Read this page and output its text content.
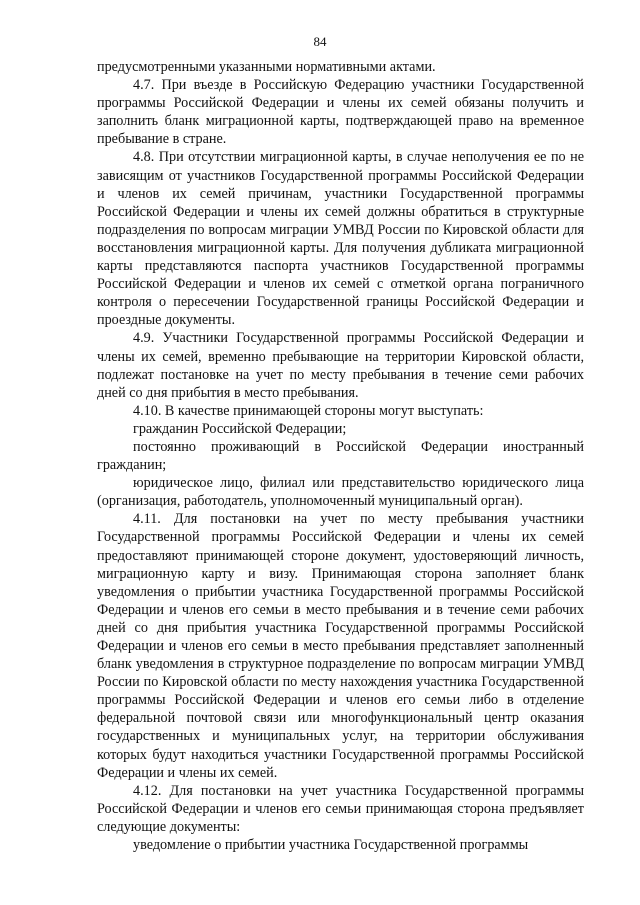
84

предусмотренными указанными нормативными актами.

4.7. При въезде в Российскую Федерацию участники Государственной программы Российской Федерации и члены их семей обязаны получить и заполнить бланк миграционной карты, подтверждающей право на временное пребывание в стране.

4.8. При отсутствии миграционной карты, в случае неполучения ее по не зависящим от участников Государственной программы Российской Федерации и членов их семей причинам, участники Государственной программы Российской Федерации и члены их семей должны обратиться в структурные подразделения по вопросам миграции УМВД России по Кировской области для восстановления миграционной карты. Для получения дубликата миграционной карты представляются паспорта участников Государственной программы Российской Федерации и членов их семей с отметкой органа пограничного контроля о пересечении Государственной границы Российской Федерации и проездные документы.

4.9. Участники Государственной программы Российской Федерации и члены их семей, временно пребывающие на территории Кировской области, подлежат постановке на учет по месту пребывания в течение семи рабочих дней со дня прибытия в место пребывания.

4.10. В качестве принимающей стороны могут выступать:

гражданин Российской Федерации;

постоянно проживающий в Российской Федерации иностранный гражданин;

юридическое лицо, филиал или представительство юридического лица (организация, работодатель, уполномоченный муниципальный орган).

4.11. Для постановки на учет по месту пребывания участники Государственной программы Российской Федерации и члены их семей предоставляют принимающей стороне документ, удостоверяющий личность, миграционную карту и визу. Принимающая сторона заполняет бланк уведомления о прибытии участника Государственной программы Российской Федерации и членов его семьи в место пребывания и в течение семи рабочих дней со дня прибытия участника Государственной программы Российской Федерации и членов его семьи в место пребывания представляет заполненный бланк уведомления в структурное подразделение по вопросам миграции УМВД России по Кировской области по месту нахождения участника Государственной программы Российской Федерации и членов его семьи либо в отделение федеральной почтовой связи или многофункциональный центр оказания государственных и муниципальных услуг, на территории обслуживания которых будут находиться участники Государственной программы Российской Федерации и члены их семей.

4.12. Для постановки на учет участника Государственной программы Российской Федерации и членов его семьи принимающая сторона предъявляет следующие документы:

уведомление о прибытии участника Государственной программы
